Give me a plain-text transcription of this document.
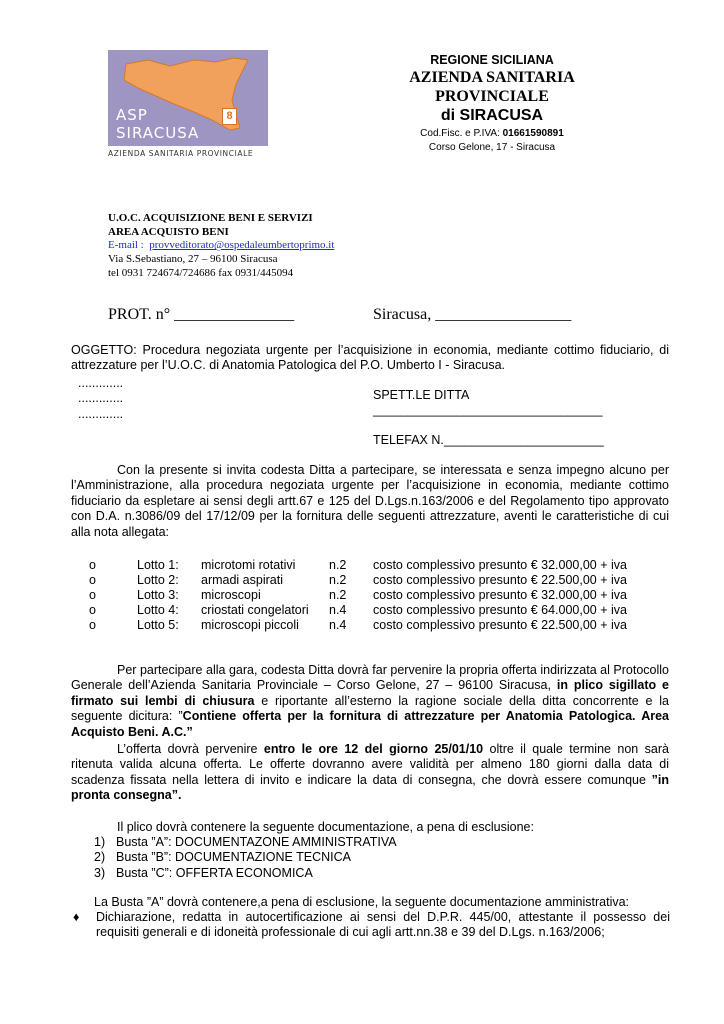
ASP
SIRACUSA
8
AZIENDA SANITARIA PROVINCIALE
REGIONE SICILIANA
AZIENDA SANITARIA
PROVINCIALE
di SIRACUSA
Cod.Fisc. e P.IVA: 01661590891
Corso Gelone, 17 - Siracusa
U.O.C. ACQUISIZIONE BENI E SERVIZI
AREA ACQUISTO BENI
E-mail :  provveditorato@ospedaleumbertoprimo.it
Via S.Sebastiano, 27 – 96100 Siracusa
tel 0931 724674/724686 fax 0931/445094
PROT. n° _______________	Siracusa, _________________
OGGETTO: Procedura negoziata urgente per l’acquisizione in economia, mediante cottimo fiduciario, di attrezzature per l’U.O.C. di Anatomia Patologica del P.O. Umberto I - Siracusa.
.............
.............
.............
SPETT.LE DITTA
_________________________________
TELEFAX N._______________________
Con la presente si invita codesta Ditta a partecipare, se interessata e senza impegno alcuno per l’Amministrazione, alla procedura negoziata urgente per l’acquisizione in economia, mediante cottimo fiduciario da espletare ai sensi degli artt.67 e 125 del D.Lgs.n.163/2006 e del Regolamento tipo approvato con D.A. n.3086/09 del 17/12/09 per la fornitura delle seguenti attrezzature, aventi le caratteristiche di cui alla nota allegata:
o	Lotto 1: microtomi rotativi	n.2 costo complessivo presunto € 32.000,00 + iva
o	Lotto 2: armadi aspirati	n.2 costo complessivo presunto € 22.500,00 + iva
o	Lotto 3: microscopi	n.2 costo complessivo presunto € 32.000,00 + iva
o	Lotto 4: criostati congelatori n.4 costo complessivo presunto € 64.000,00 + iva
o	Lotto 5: microscopi piccoli n.4 costo complessivo presunto € 22.500,00 + iva
Per partecipare alla gara, codesta Ditta dovrà far pervenire la propria offerta indirizzata al Protocollo Generale dell’Azienda Sanitaria Provinciale – Corso Gelone, 27 – 96100 Siracusa, in plico sigillato e firmato sui lembi di chiusura e riportante all’esterno la ragione sociale della ditta concorrente e la seguente dicitura: ”Contiene offerta per la fornitura di attrezzature per Anatomia Patologica. Area Acquisto Beni. A.C.”
L’offerta dovrà pervenire entro le ore 12 del giorno 25/01/10 oltre il quale termine non sarà ritenuta valida alcuna offerta. Le offerte dovranno avere validità per almeno 180 giorni dalla data di scadenza fissata nella lettera di invito e indicare la data di consegna, che dovrà essere comunque ”in pronta consegna”.
Il plico dovrà contenere la seguente documentazione, a pena di esclusione:
1) Busta ”A”: DOCUMENTAZONE AMMINISTRATIVA
2) Busta ”B”: DOCUMENTAZIONE TECNICA
3) Busta ”C”: OFFERTA ECONOMICA
La Busta ”A” dovrà contenere,a pena di esclusione, la seguente documentazione amministrativa:
♦ Dichiarazione, redatta in autocertificazione ai sensi del D.P.R. 445/00, attestante il possesso dei requisiti generali e di idoneità professionale di cui agli artt.nn.38 e 39 del D.Lgs. n.163/2006;
